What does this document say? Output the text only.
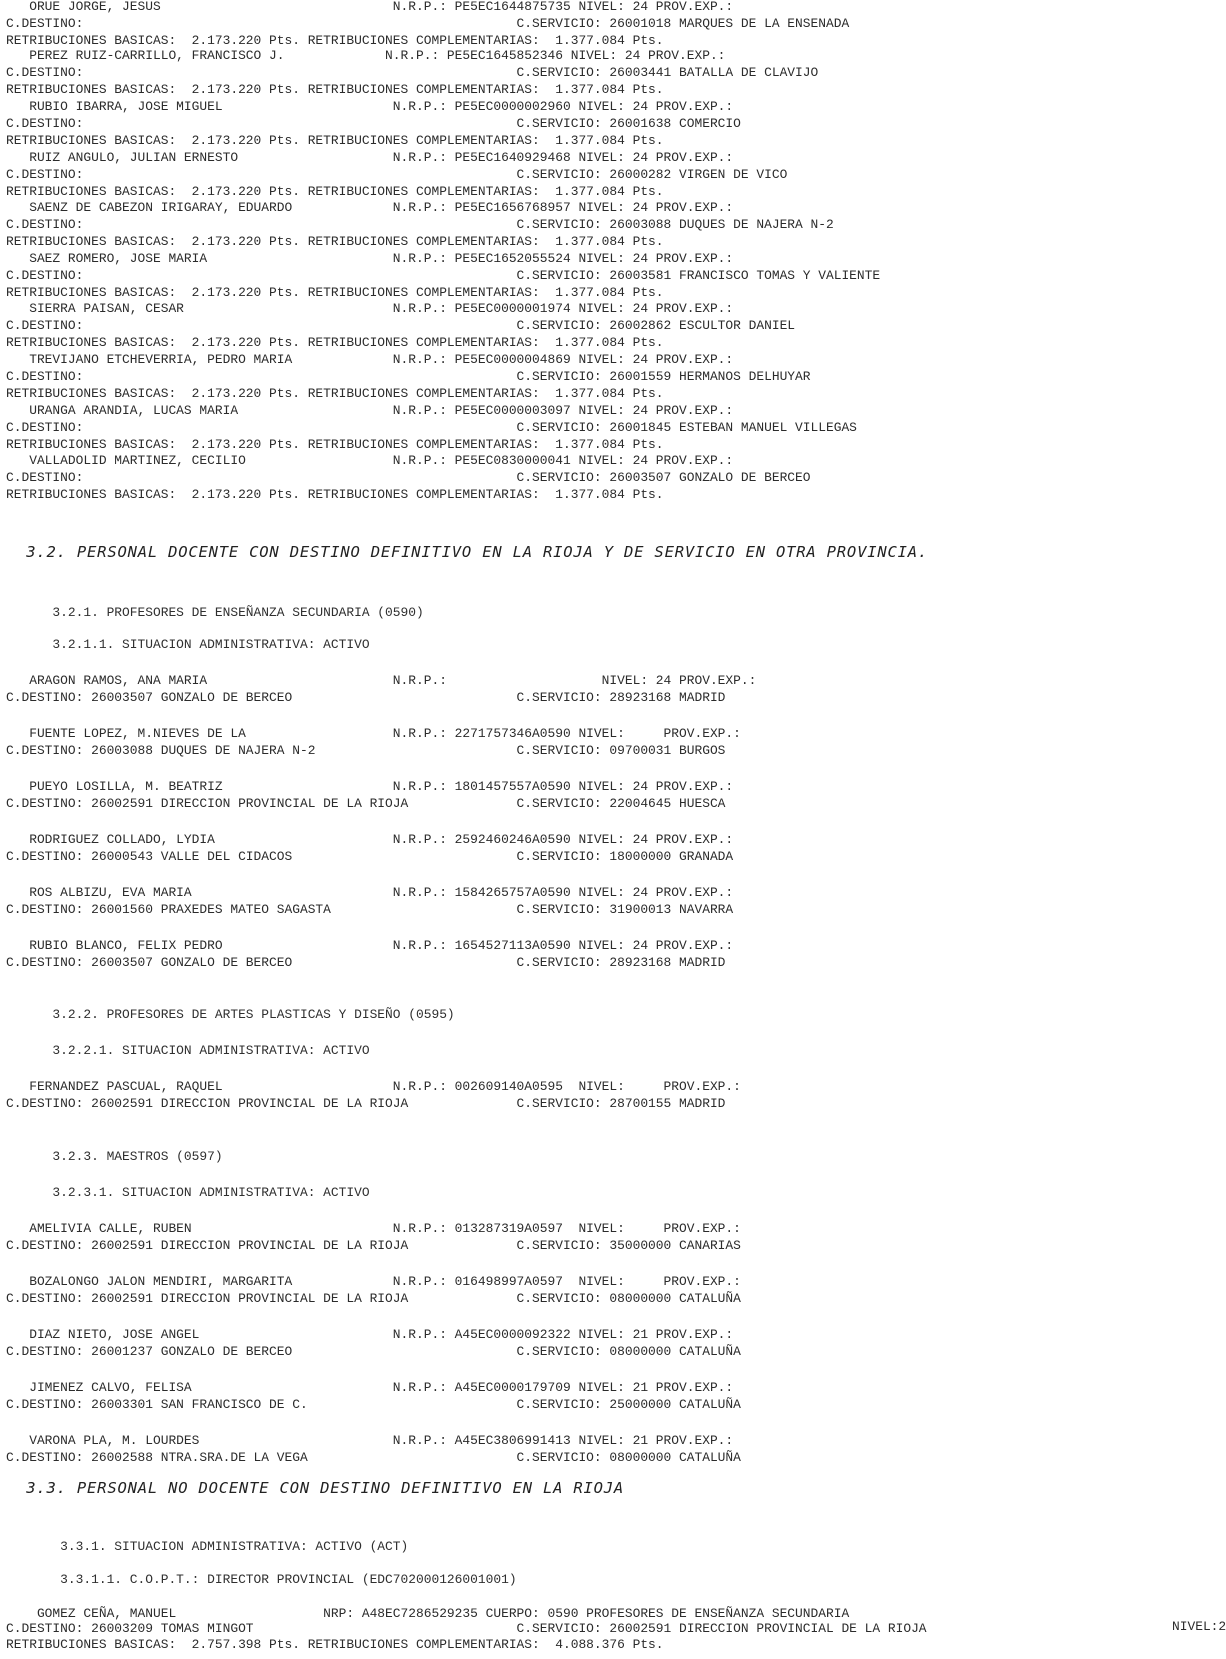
ORUE JORGE, JESUS                              N.R.P.: PE5EC1644875735 NIVEL: 24 PROV.EXP.:
C.DESTINO:                                                        C.SERVICIO: 26001018 MARQUES DE LA ENSENADA
RETRIBUCIONES BASICAS:  2.173.220 Pts. RETRIBUCIONES COMPLEMENTARIAS:  1.377.084 Pts.
PEREZ RUIZ-CARRILLO, FRANCISCO J.             N.R.P.: PE5EC1645852346 NIVEL: 24 PROV.EXP.:
C.DESTINO:                                                        C.SERVICIO: 26003441 BATALLA DE CLAVIJO
RETRIBUCIONES BASICAS:  2.173.220 Pts. RETRIBUCIONES COMPLEMENTARIAS:  1.377.084 Pts.
RUBIO IBARRA, JOSE MIGUEL                      N.R.P.: PE5EC0000002960 NIVEL: 24 PROV.EXP.:
C.DESTINO:                                                        C.SERVICIO: 26001638 COMERCIO
RETRIBUCIONES BASICAS:  2.173.220 Pts. RETRIBUCIONES COMPLEMENTARIAS:  1.377.084 Pts.
RUIZ ANGULO, JULIAN ERNESTO                    N.R.P.: PE5EC1640929468 NIVEL: 24 PROV.EXP.:
C.DESTINO:                                                        C.SERVICIO: 26000282 VIRGEN DE VICO
RETRIBUCIONES BASICAS:  2.173.220 Pts. RETRIBUCIONES COMPLEMENTARIAS:  1.377.084 Pts.
SAENZ DE CABEZON IRIGARAY, EDUARDO             N.R.P.: PE5EC1656768957 NIVEL: 24 PROV.EXP.:
C.DESTINO:                                                        C.SERVICIO: 26003088 DUQUES DE NAJERA N-2
RETRIBUCIONES BASICAS:  2.173.220 Pts. RETRIBUCIONES COMPLEMENTARIAS:  1.377.084 Pts.
SAEZ ROMERO, JOSE MARIA                        N.R.P.: PE5EC1652055524 NIVEL: 24 PROV.EXP.:
C.DESTINO:                                                        C.SERVICIO: 26003581 FRANCISCO TOMAS Y VALIENTE
RETRIBUCIONES BASICAS:  2.173.220 Pts. RETRIBUCIONES COMPLEMENTARIAS:  1.377.084 Pts.
SIERRA PAISAN, CESAR                           N.R.P.: PE5EC0000001974 NIVEL: 24 PROV.EXP.:
C.DESTINO:                                                        C.SERVICIO: 26002862 ESCULTOR DANIEL
RETRIBUCIONES BASICAS:  2.173.220 Pts. RETRIBUCIONES COMPLEMENTARIAS:  1.377.084 Pts.
TREVIJANO ETCHEVERRIA, PEDRO MARIA             N.R.P.: PE5EC0000004869 NIVEL: 24 PROV.EXP.:
C.DESTINO:                                                        C.SERVICIO: 26001559 HERMANOS DELHUYAR
RETRIBUCIONES BASICAS:  2.173.220 Pts. RETRIBUCIONES COMPLEMENTARIAS:  1.377.084 Pts.
URANGA ARANDIA, LUCAS MARIA                    N.R.P.: PE5EC0000003097 NIVEL: 24 PROV.EXP.:
C.DESTINO:                                                        C.SERVICIO: 26001845 ESTEBAN MANUEL VILLEGAS
RETRIBUCIONES BASICAS:  2.173.220 Pts. RETRIBUCIONES COMPLEMENTARIAS:  1.377.084 Pts.
VALLADOLID MARTINEZ, CECILIO                   N.R.P.: PE5EC0830000041 NIVEL: 24 PROV.EXP.:
C.DESTINO:                                                        C.SERVICIO: 26003507 GONZALO DE BERCEO
RETRIBUCIONES BASICAS:  2.173.220 Pts. RETRIBUCIONES COMPLEMENTARIAS:  1.377.084 Pts.
3.2. PERSONAL DOCENTE CON DESTINO DEFINITIVO EN LA RIOJA Y DE SERVICIO EN OTRA PROVINCIA.
3.2.1. PROFESORES DE ENSEÑANZA SECUNDARIA (0590)
3.2.1.1. SITUACION ADMINISTRATIVA: ACTIVO
ARAGON RAMOS, ANA MARIA                        N.R.P.:                    NIVEL: 24 PROV.EXP.:
C.DESTINO: 26003507 GONZALO DE BERCEO                             C.SERVICIO: 28923168 MADRID
FUENTE LOPEZ, M.NIEVES DE LA                   N.R.P.: 2271757346A0590 NIVEL:     PROV.EXP.:
C.DESTINO: 26003088 DUQUES DE NAJERA N-2                          C.SERVICIO: 09700031 BURGOS
PUEYO LOSILLA, M. BEATRIZ                      N.R.P.: 1801457557A0590 NIVEL: 24 PROV.EXP.:
C.DESTINO: 26002591 DIRECCION PROVINCIAL DE LA RIOJA              C.SERVICIO: 22004645 HUESCA
RODRIGUEZ COLLADO, LYDIA                       N.R.P.: 2592460246A0590 NIVEL: 24 PROV.EXP.:
C.DESTINO: 26000543 VALLE DEL CIDACOS                             C.SERVICIO: 18000000 GRANADA
ROS ALBIZU, EVA MARIA                          N.R.P.: 1584265757A0590 NIVEL: 24 PROV.EXP.:
C.DESTINO: 26001560 PRAXEDES MATEO SAGASTA                        C.SERVICIO: 31900013 NAVARRA
RUBIO BLANCO, FELIX PEDRO                      N.R.P.: 1654527113A0590 NIVEL: 24 PROV.EXP.:
C.DESTINO: 26003507 GONZALO DE BERCEO                             C.SERVICIO: 28923168 MADRID
3.2.2. PROFESORES DE ARTES PLASTICAS Y DISEÑO (0595)
3.2.2.1. SITUACION ADMINISTRATIVA: ACTIVO
FERNANDEZ PASCUAL, RAQUEL                      N.R.P.: 002609140A0595  NIVEL:     PROV.EXP.:
C.DESTINO: 26002591 DIRECCION PROVINCIAL DE LA RIOJA              C.SERVICIO: 28700155 MADRID
3.2.3. MAESTROS (0597)
3.2.3.1. SITUACION ADMINISTRATIVA: ACTIVO
AMELIVIA CALLE, RUBEN                          N.R.P.: 013287319A0597  NIVEL:     PROV.EXP.:
C.DESTINO: 26002591 DIRECCION PROVINCIAL DE LA RIOJA              C.SERVICIO: 35000000 CANARIAS
BOZALONGO JALON MENDIRI, MARGARITA             N.R.P.: 016498997A0597  NIVEL:     PROV.EXP.:
C.DESTINO: 26002591 DIRECCION PROVINCIAL DE LA RIOJA              C.SERVICIO: 08000000 CATALUÑA
DIAZ NIETO, JOSE ANGEL                         N.R.P.: A45EC0000092322 NIVEL: 21 PROV.EXP.:
C.DESTINO: 26001237 GONZALO DE BERCEO                             C.SERVICIO: 08000000 CATALUÑA
JIMENEZ CALVO, FELISA                          N.R.P.: A45EC0000179709 NIVEL: 21 PROV.EXP.:
C.DESTINO: 26003301 SAN FRANCISCO DE C.                           C.SERVICIO: 25000000 CATALUÑA
VARONA PLA, M. LOURDES                         N.R.P.: A45EC3806991413 NIVEL: 21 PROV.EXP.:
C.DESTINO: 26002588 NTRA.SRA.DE LA VEGA                           C.SERVICIO: 08000000 CATALUÑA
3.3. PERSONAL NO DOCENTE CON DESTINO DEFINITIVO EN LA RIOJA
3.3.1. SITUACION ADMINISTRATIVA: ACTIVO (ACT)
3.3.1.1. C.O.P.T.: DIRECTOR PROVINCIAL (EDC702000126001001)
GOMEZ CEÑA, MANUEL                   NRP: A48EC7286529235 CUERPO: 0590 PROFESORES DE ENSEÑANZA SECUNDARIA
C.DESTINO: 26003209 TOMAS MINGOT                                  C.SERVICIO: 26002591 DIRECCION PROVINCIAL DE LA RIOJA
RETRIBUCIONES BASICAS:  2.757.398 Pts. RETRIBUCIONES COMPLEMENTARIAS:  4.088.376 Pts.
NIVEL:2
